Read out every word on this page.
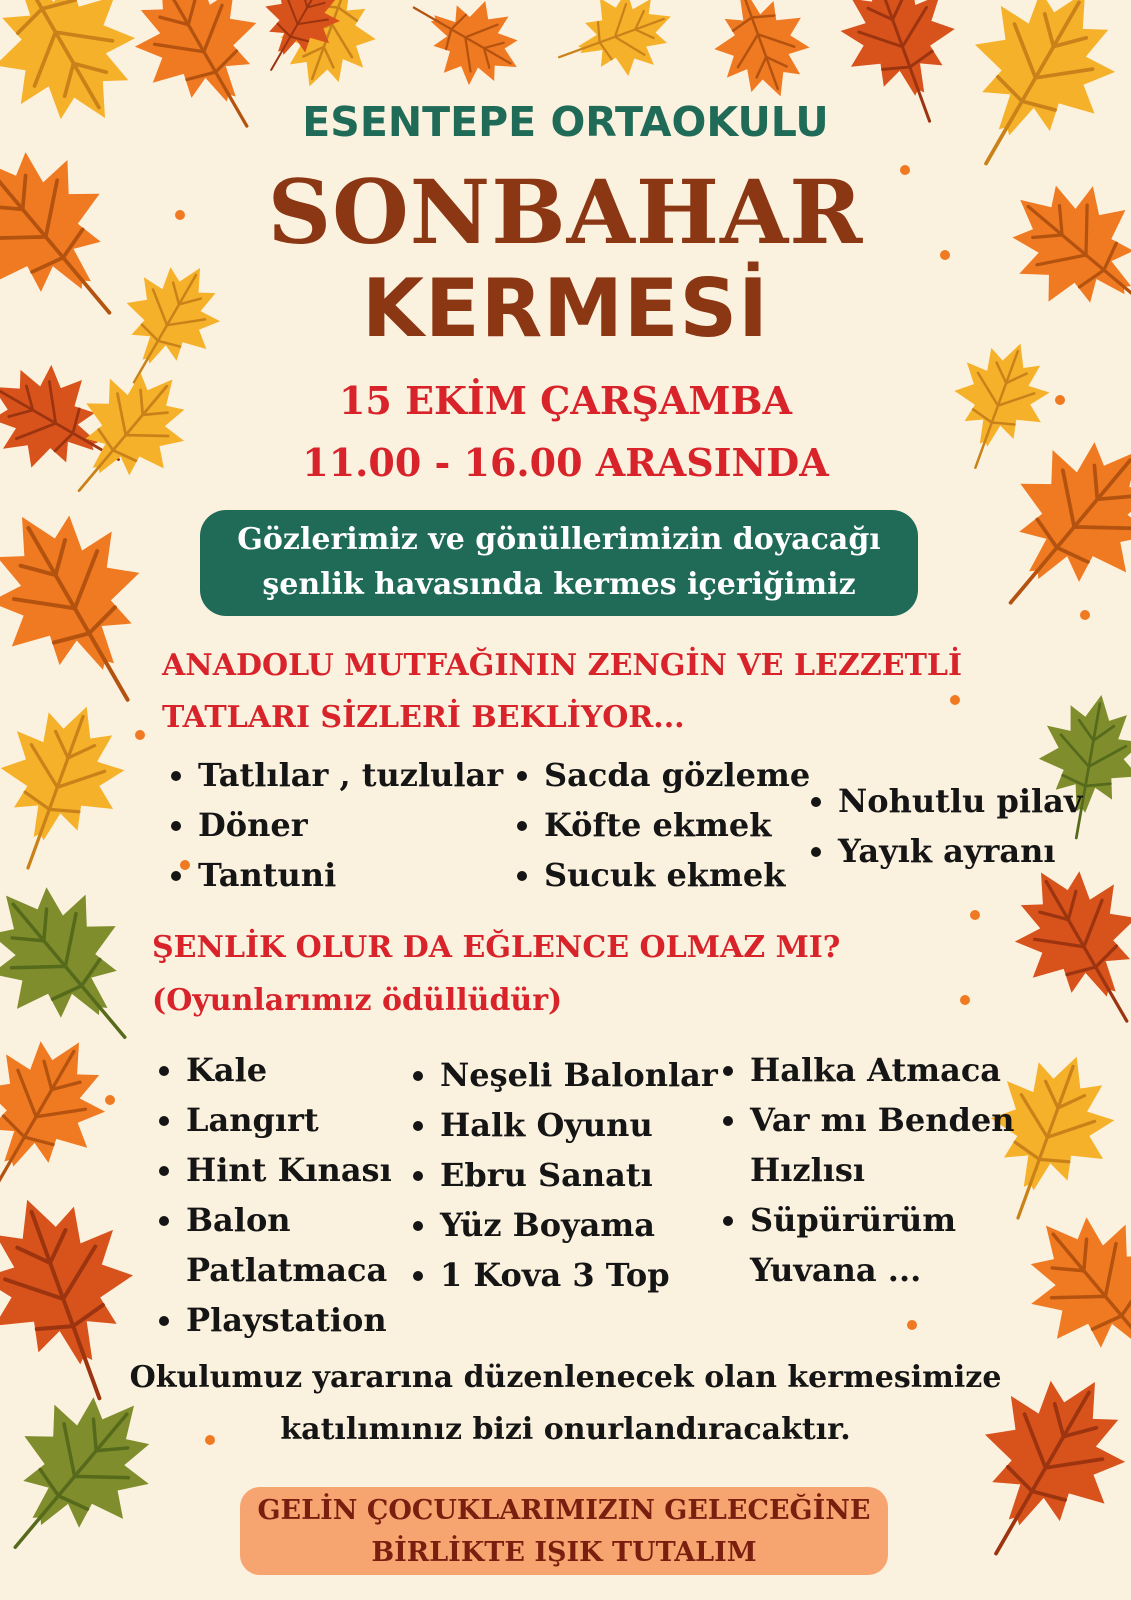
ESENTEPE ORTAOKULU
SONBAHAR
KERMESİ
15 EKİM ÇARŞAMBA
11.00 - 16.00 ARASINDA
Gözlerimiz ve gönüllerimizin doyacağı
şenlik havasında kermes içeriğimiz
ANADOLU MUTFAĞININ ZENGİN VE LEZZETLİ
TATLARI SİZLERİ BEKLİYOR...
Tatlılar , tuzlular
Döner
Tantuni
Sacda gözleme
Köfte ekmek
Sucuk ekmek
Nohutlu pilav
Yayık ayranı
ŞENLİK OLUR DA EĞLENCE OLMAZ MI?
(Oyunlarımız ödüllüdür)
Kale
Langırt
Hint Kınası
Balon
Patlatmaca
Playstation
Neşeli Balonlar
Halk Oyunu
Ebru Sanatı
Yüz Boyama
1 Kova 3 Top
Halka Atmaca
Var mı Benden
Hızlısı
Süpürürüm
Yuvana ...
Okulumuz yararına düzenlenecek olan kermesimize
katılımınız bizi onurlandıracaktır.
GELİN ÇOCUKLARIMIZIN GELECEĞİNE
BİRLİKTE IŞIK TUTALIM
